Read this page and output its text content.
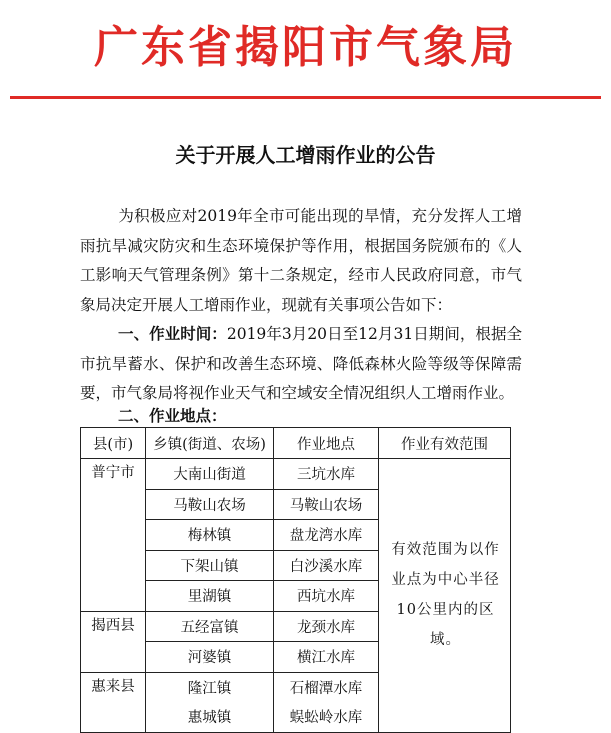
广东省揭阳市气象局
关于开展人工增雨作业的公告

为积极应对2019年全市可能出现的旱情，充分发挥人工增雨抗旱减灾防灾和生态环境保护等作用，根据国务院颁布的《人工影响天气管理条例》第十二条规定，经市人民政府同意，市气象局决定开展人工增雨作业，现就有关事项公告如下：

一、作业时间：2019年3月20日至12月31日期间，根据全市抗旱蓄水、保护和改善生态环境、降低森林火险等级等保障需要，市气象局将视作业天气和空域安全情况组织人工增雨作业。

二、作业地点：
县(市)	乡镇(街道、农场)	作业地点	作业有效范围
普宁市	大南山街道	三坑水库	有效范围为以作业点为中心半径10公里内的区域。
	马鞍山农场	马鞍山农场	
	梅林镇	盘龙湾水库	
	下架山镇	白沙溪水库	
	里湖镇	西坑水库	
揭西县	五经富镇	龙颈水库	
	河婆镇	横江水库	
惠来县	隆江镇	石榴潭水库	
	惠城镇	蜈蚣岭水库	
